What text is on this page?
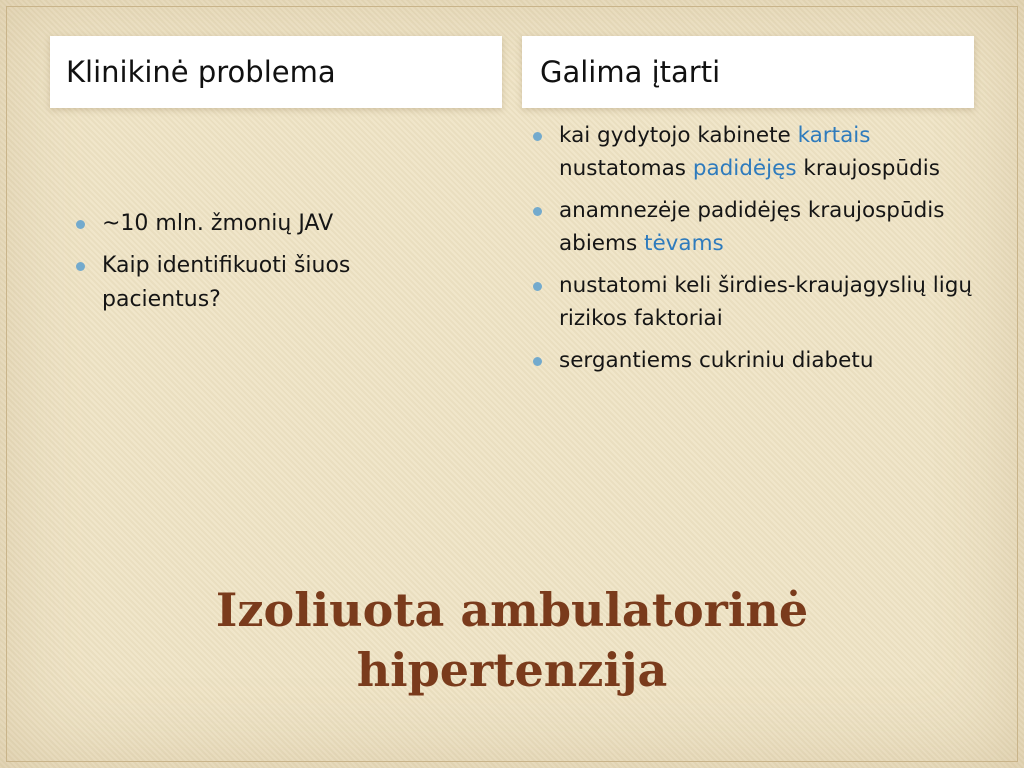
Klinikinė problema	Galima įtarti
~10 mln. žmonių JAV
Kaip identifikuoti šiuos pacientus?
kai gydytojo kabinete kartais nustatomas padidėjęs kraujospūdis
anamnezėje padidėjęs kraujospūdis abiems tėvams
nustatomi keli širdies-kraujagyslių ligų rizikos faktoriai
sergantiems cukriniu diabetu
Izoliuota ambulatorinė
hipertenzija
